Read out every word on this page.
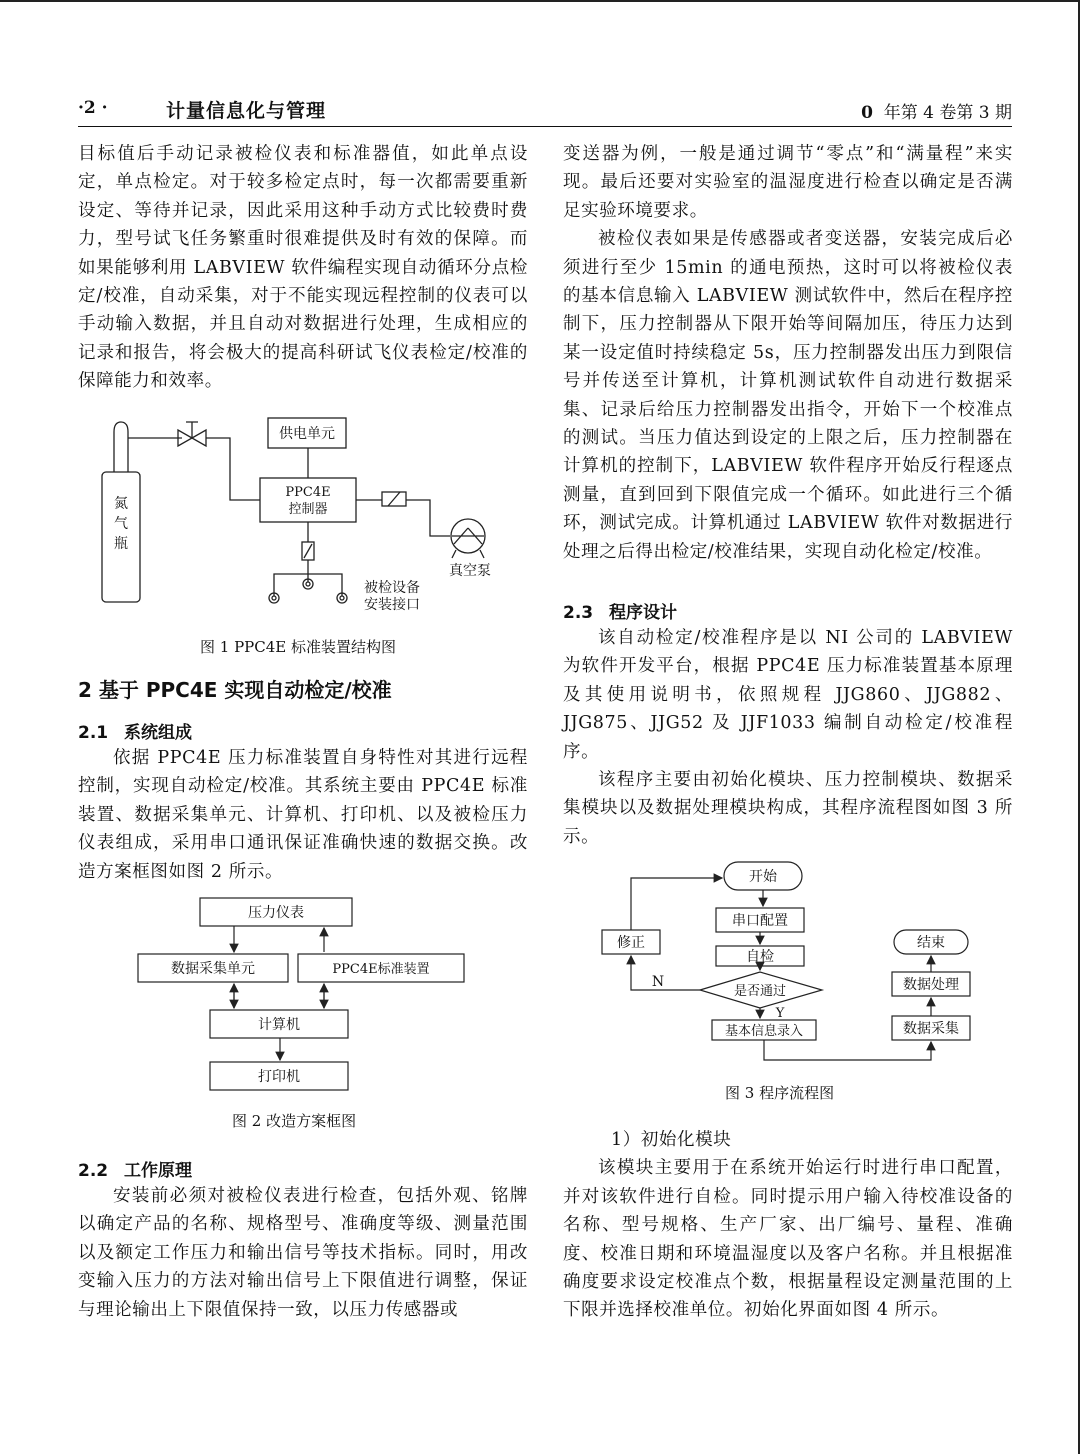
·2 ·	计量信息化与管理	0 年第 4 卷第 3 期

目标值后手动记录被检仪表和标准器值，如此单点设定，单点检定。对于较多检定点时，每一次都需要重新设定、等待并记录，因此采用这种手动方式比较费时费力，型号试飞任务繁重时很难提供及时有效的保障。而如果能够利用 LABVIEW 软件编程实现自动循环分点检定/校准，自动采集，对于不能实现远程控制的仪表可以手动输入数据，并且自动对数据进行处理，生成相应的记录和报告，将会极大的提高科研试飞仪表检定/校准的保障能力和效率。

氮
气
瓶
供电单元
PPC4E
控制器
真空泵
被检设备
安装接口
图 1 PPC4E 标准装置结构图
2 基于 PPC4E 实现自动检定/校准
2.1 系统组成

依据 PPC4E 压力标准装置自身特性对其进行远程控制，实现自动检定/校准。其系统主要由 PPC4E 标准装置、数据采集单元、计算机、打印机、以及被检压力仪表组成，采用串口通讯保证准确快速的数据交换。改造方案框图如图 2 所示。

压力仪表
数据采集单元	PPC4E标准装置
计算机
打印机
图 2 改造方案框图
2.2 工作原理

安装前必须对被检仪表进行检查，包括外观、铭牌以确定产品的名称、规格型号、准确度等级、测量范围以及额定工作压力和输出信号等技术指标。同时，用改变输入压力的方法对输出信号上下限值进行调整，保证与理论输出上下限值保持一致，以压力传感器或

变送器为例，一般是通过调节“零点”和“满量程”来实现。最后还要对实验室的温湿度进行检查以确定是否满足实验环境要求。

被检仪表如果是传感器或者变送器，安装完成后必须进行至少 15min 的通电预热，这时可以将被检仪表的基本信息输入 LABVIEW 测试软件中，然后在程序控制下，压力控制器从下限开始等间隔加压，待压力达到某一设定值时持续稳定 5s，压力控制器发出压力到限信号并传送至计算机，计算机测试软件自动进行数据采集、记录后给压力控制器发出指令，开始下一个校准点的测试。当压力值达到设定的上限之后，压力控制器在计算机的控制下，LABVIEW 软件程序开始反行程逐点测量，直到回到下限值完成一个循环。如此进行三个循环，测试完成。计算机通过 LABVIEW 软件对数据进行处理之后得出检定/校准结果，实现自动化检定/校准。

2.3 程序设计

该自动检定/校准程序是以 NI 公司的 LABVIEW 为软件开发平台，根据 PPC4E 压力标准装置基本原理及其使用说明书，依照规程 JJG860、JJG882、JJG875、JJG52 及 JJF1033 编制自动检定/校准程序。

该程序主要由初始化模块、压力控制模块、数据采集模块以及数据处理模块构成，其程序流程图如图 3 所示。

开始
串口配置
自检
是否通过
N
Y
修正
基本信息录入	数据采集
数据处理
结束
图 3 程序流程图

1）初始化模块

该模块主要用于在系统开始运行时进行串口配置，并对该软件进行自检。同时提示用户输入待校准设备的名称、型号规格、生产厂家、出厂编号、量程、准确度、校准日期和环境温湿度以及客户名称。并且根据准确度要求设定校准点个数，根据量程设定测量范围的上下限并选择校准单位。初始化界面如图 4 所示。
